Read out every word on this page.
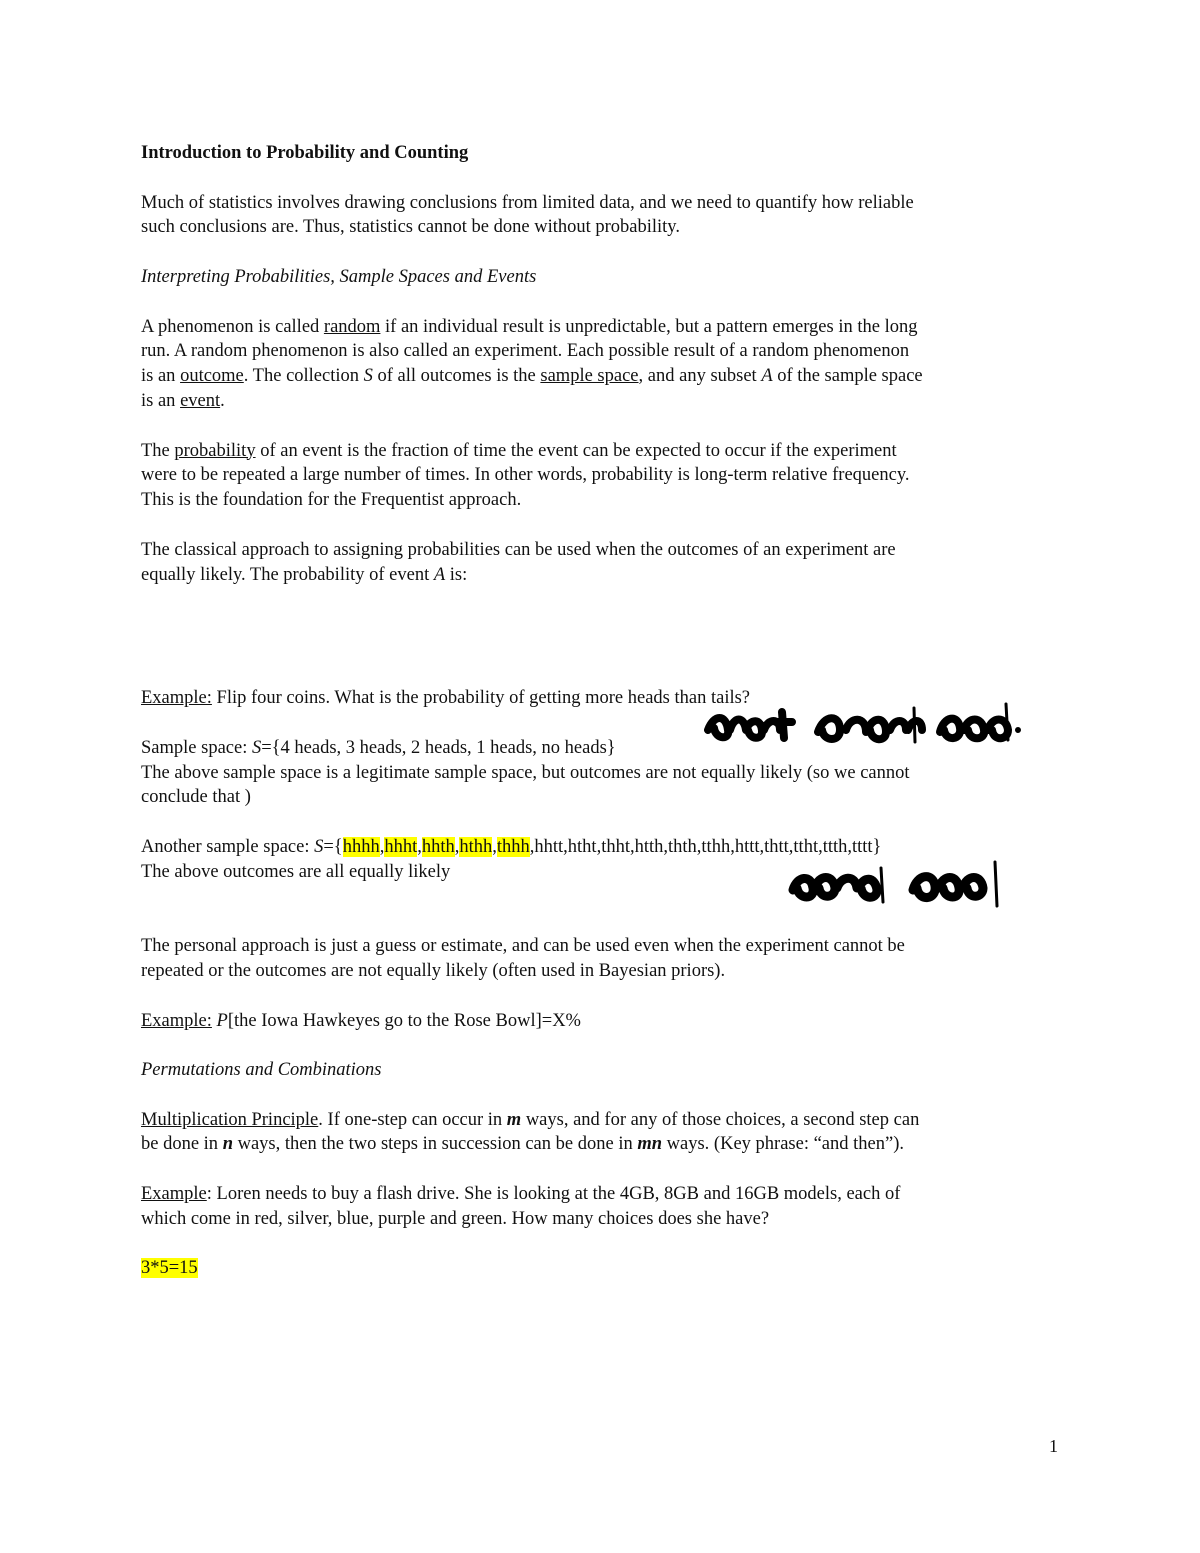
Introduction to Probability and Counting

Much of statistics involves drawing conclusions from limited data, and we need to quantify how reliable
such conclusions are. Thus, statistics cannot be done without probability.

Interpreting Probabilities, Sample Spaces and Events

A phenomenon is called random if an individual result is unpredictable, but a pattern emerges in the long
run. A random phenomenon is also called an experiment. Each possible result of a random phenomenon
is an outcome. The collection S of all outcomes is the sample space, and any subset A of the sample space
is an event.

The probability of an event is the fraction of time the event can be expected to occur if the experiment
were to be repeated a large number of times. In other words, probability is long-term relative frequency.
This is the foundation for the Frequentist approach.

The classical approach to assigning probabilities can be used when the outcomes of an experiment are
equally likely. The probability of event A is:

Example: Flip four coins. What is the probability of getting more heads than tails?

Sample space: S={4 heads, 3 heads, 2 heads, 1 heads, no heads}
The above sample space is a legitimate sample space, but outcomes are not equally likely (so we cannot
conclude that )

Another sample space: S={hhhh,hhht,hhth,hthh,thhh,hhtt,htht,thht,htth,thth,tthh,httt,thtt,ttht,ttth,tttt}
The above outcomes are all equally likely

The personal approach is just a guess or estimate, and can be used even when the experiment cannot be
repeated or the outcomes are not equally likely (often used in Bayesian priors).

Example: P[the Iowa Hawkeyes go to the Rose Bowl]=X%

Permutations and Combinations

Multiplication Principle. If one-step can occur in m ways, and for any of those choices, a second step can
be done in n ways, then the two steps in succession can be done in mn ways. (Key phrase: “and then”).

Example: Loren needs to buy a flash drive. She is looking at the 4GB, 8GB and 16GB models, each of
which come in red, silver, blue, purple and green. How many choices does she have?

3*5=15

1
